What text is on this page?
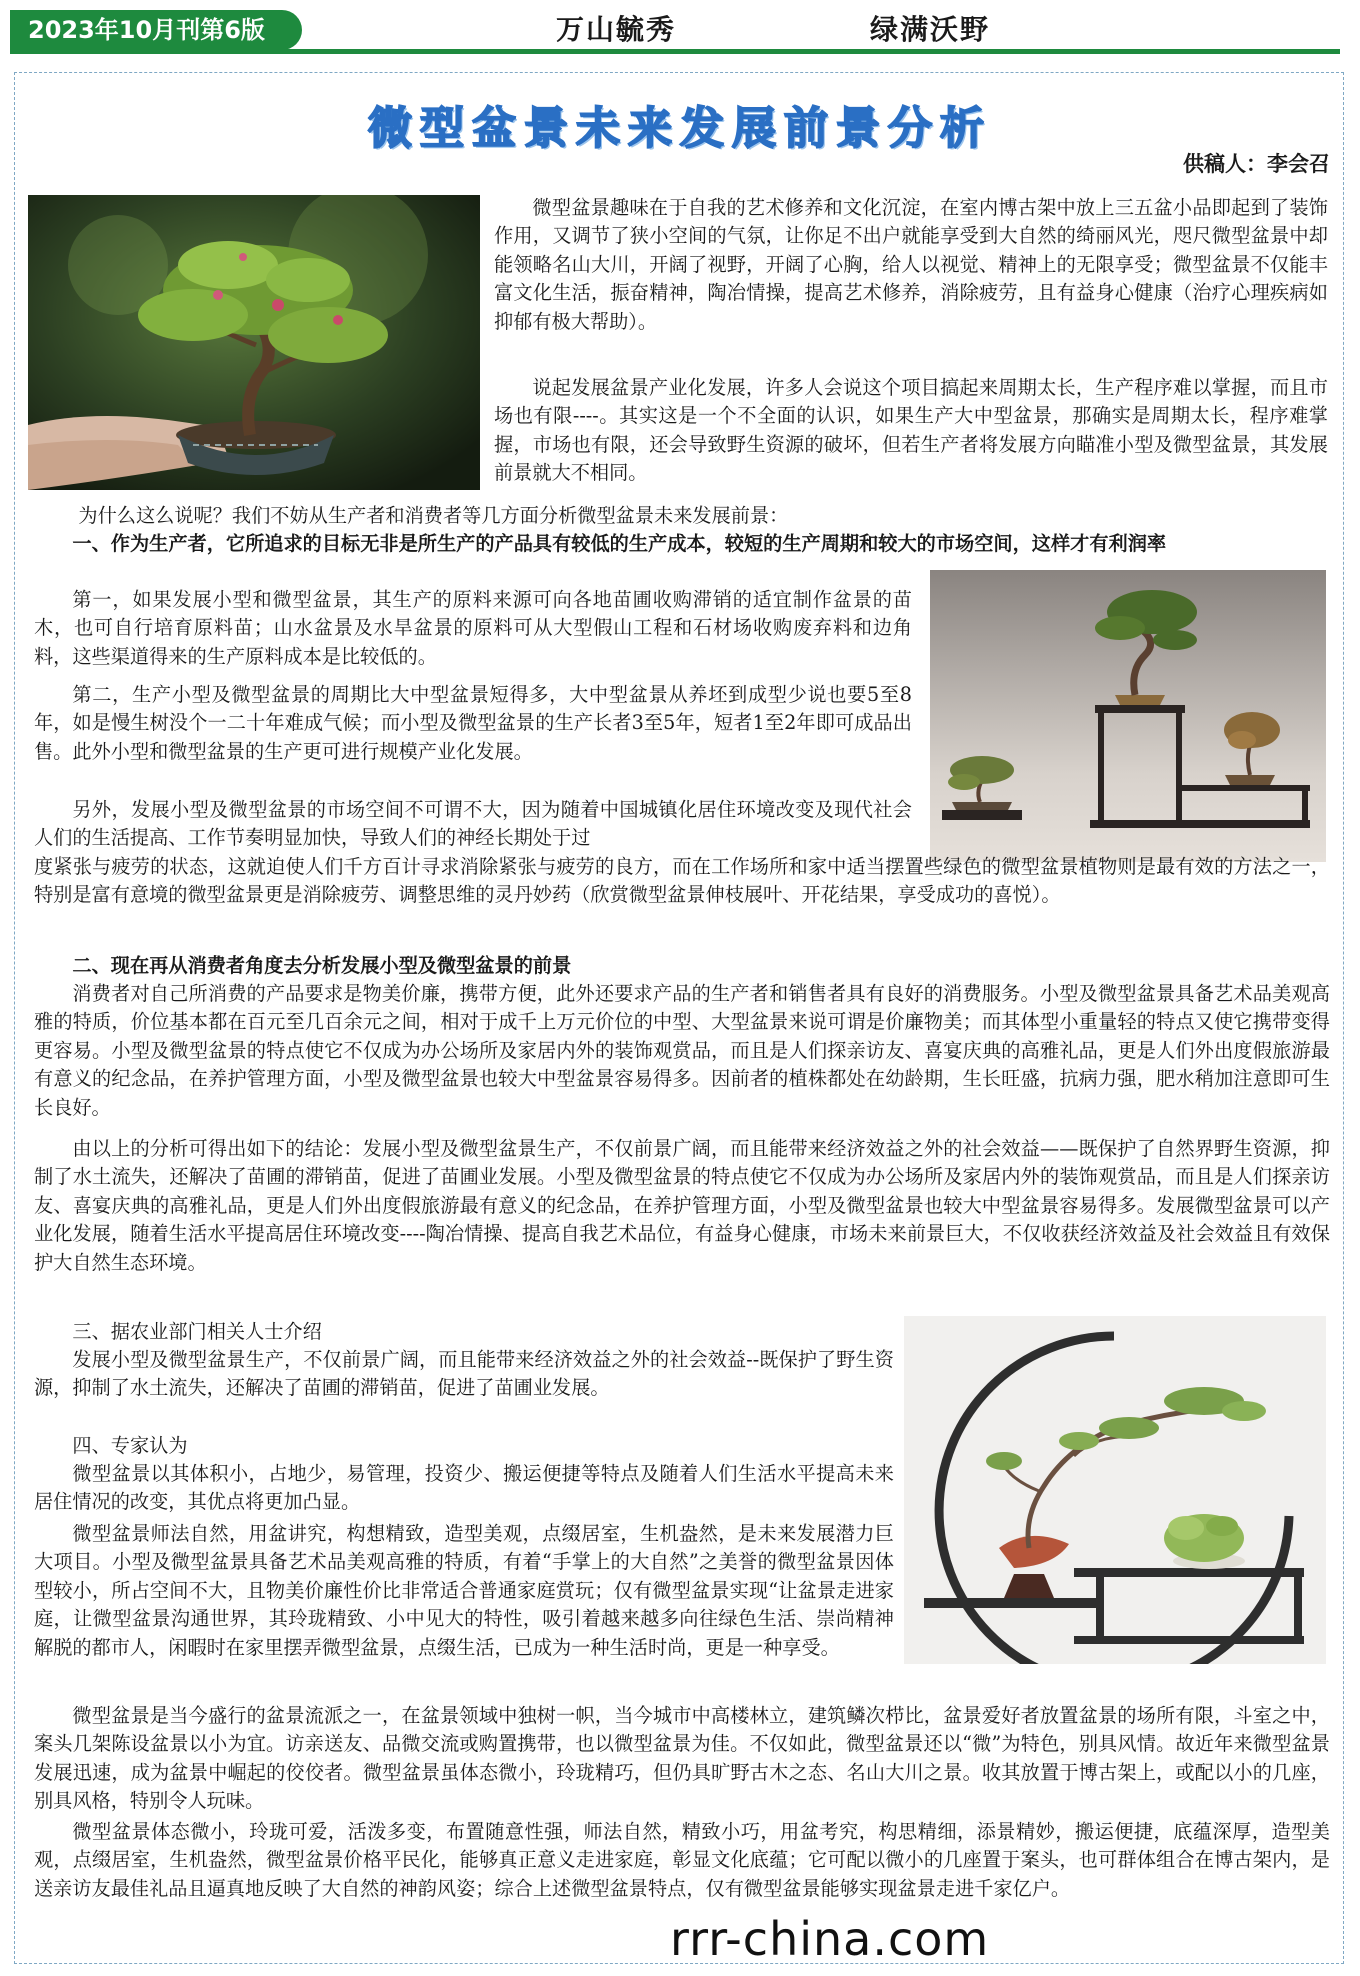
2023年10月刊第6版	万山毓秀	绿满沃野
微型盆景未来发展前景分析
供稿人：李会召

微型盆景趣味在于自我的艺术修养和文化沉淀，在室内博古架中放上三五盆小品即起到了装饰作用，又调节了狭小空间的气氛，让你足不出户就能享受到大自然的绮丽风光，咫尺微型盆景中却能领略名山大川，开阔了视野，开阔了心胸，给人以视觉、精神上的无限享受；微型盆景不仅能丰富文化生活，振奋精神，陶冶情操，提高艺术修养，消除疲劳，且有益身心健康（治疗心理疾病如抑郁有极大帮助）。

说起发展盆景产业化发展，许多人会说这个项目搞起来周期太长，生产程序难以掌握，而且市场也有限----。其实这是一个不全面的认识，如果生产大中型盆景，那确实是周期太长，程序难掌握，市场也有限，还会导致野生资源的破坏，但若生产者将发展方向瞄准小型及微型盆景，其发展前景就大不相同。

为什么这么说呢？我们不妨从生产者和消费者等几方面分析微型盆景未来发展前景：

一、作为生产者，它所追求的目标无非是所生产的产品具有较低的生产成本，较短的生产周期和较大的市场空间，这样才有利润率

第一，如果发展小型和微型盆景，其生产的原料来源可向各地苗圃收购滞销的适宜制作盆景的苗木，也可自行培育原料苗；山水盆景及水旱盆景的原料可从大型假山工程和石材场收购废弃料和边角料，这些渠道得来的生产原料成本是比较低的。

第二，生产小型及微型盆景的周期比大中型盆景短得多，大中型盆景从养坯到成型少说也要5至8年，如是慢生树没个一二十年难成气候；而小型及微型盆景的生产长者3至5年，短者1至2年即可成品出售。此外小型和微型盆景的生产更可进行规模产业化发展。

另外，发展小型及微型盆景的市场空间不可谓不大，因为随着中国城镇化居住环境改变及现代社会人们的生活提高、工作节奏明显加快，导致人们的神经长期处于过

度紧张与疲劳的状态，这就迫使人们千方百计寻求消除紧张与疲劳的良方，而在工作场所和家中适当摆置些绿色的微型盆景植物则是最有效的方法之一，特别是富有意境的微型盆景更是消除疲劳、调整思维的灵丹妙药（欣赏微型盆景伸枝展叶、开花结果，享受成功的喜悦）。

二、现在再从消费者角度去分析发展小型及微型盆景的前景

消费者对自己所消费的产品要求是物美价廉，携带方便，此外还要求产品的生产者和销售者具有良好的消费服务。小型及微型盆景具备艺术品美观高雅的特质，价位基本都在百元至几百余元之间，相对于成千上万元价位的中型、大型盆景来说可谓是价廉物美；而其体型小重量轻的特点又使它携带变得更容易。小型及微型盆景的特点使它不仅成为办公场所及家居内外的装饰观赏品，而且是人们探亲访友、喜宴庆典的高雅礼品，更是人们外出度假旅游最有意义的纪念品，在养护管理方面，小型及微型盆景也较大中型盆景容易得多。因前者的植株都处在幼龄期，生长旺盛，抗病力强，肥水稍加注意即可生长良好。

由以上的分析可得出如下的结论：发展小型及微型盆景生产，不仅前景广阔，而且能带来经济效益之外的社会效益——既保护了自然界野生资源，抑制了水土流失，还解决了苗圃的滞销苗，促进了苗圃业发展。小型及微型盆景的特点使它不仅成为办公场所及家居内外的装饰观赏品，而且是人们探亲访友、喜宴庆典的高雅礼品，更是人们外出度假旅游最有意义的纪念品，在养护管理方面，小型及微型盆景也较大中型盆景容易得多。发展微型盆景可以产业化发展，随着生活水平提高居住环境改变----陶冶情操、提高自我艺术品位，有益身心健康，市场未来前景巨大，不仅收获经济效益及社会效益且有效保护大自然生态环境。

三、据农业部门相关人士介绍

发展小型及微型盆景生产，不仅前景广阔，而且能带来经济效益之外的社会效益--既保护了野生资源，抑制了水土流失，还解决了苗圃的滞销苗，促进了苗圃业发展。

四、专家认为

微型盆景以其体积小，占地少，易管理，投资少、搬运便捷等特点及随着人们生活水平提高未来居住情况的改变，其优点将更加凸显。

微型盆景师法自然，用盆讲究，构想精致，造型美观，点缀居室，生机盎然，是未来发展潜力巨大项目。小型及微型盆景具备艺术品美观高雅的特质，有着“手掌上的大自然”之美誉的微型盆景因体型较小，所占空间不大，且物美价廉性价比非常适合普通家庭赏玩；仅有微型盆景实现“让盆景走进家庭，让微型盆景沟通世界，其玲珑精致、小中见大的特性，吸引着越来越多向往绿色生活、崇尚精神解脱的都市人，闲暇时在家里摆弄微型盆景，点缀生活，已成为一种生活时尚，更是一种享受。

微型盆景是当今盛行的盆景流派之一，在盆景领域中独树一帜，当今城市中高楼林立，建筑鳞次栉比，盆景爱好者放置盆景的场所有限，斗室之中，案头几架陈设盆景以小为宜。访亲送友、品微交流或购置携带，也以微型盆景为佳。不仅如此，微型盆景还以“微”为特色，别具风情。故近年来微型盆景发展迅速，成为盆景中崛起的佼佼者。微型盆景虽体态微小，玲珑精巧，但仍具旷野古木之态、名山大川之景。收其放置于博古架上，或配以小的几座，别具风格，特别令人玩味。

微型盆景体态微小，玲珑可爱，活泼多变，布置随意性强，师法自然，精致小巧，用盆考究，构思精细，添景精妙，搬运便捷，底蕴深厚，造型美观，点缀居室，生机盎然，微型盆景价格平民化，能够真正意义走进家庭，彰显文化底蕴；它可配以微小的几座置于案头，也可群体组合在博古架内，是送亲访友最佳礼品且逼真地反映了大自然的神韵风姿；综合上述微型盆景特点，仅有微型盆景能够实现盆景走进千家亿户。

rrr-china.com
